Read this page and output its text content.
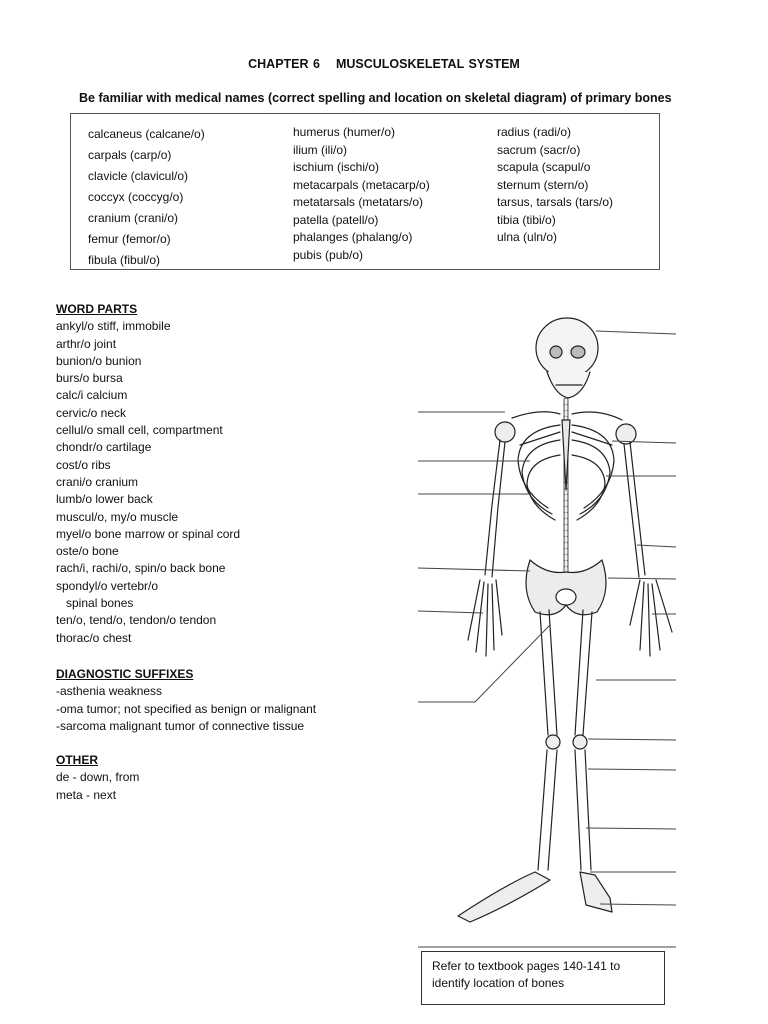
CHAPTER 6 MUSCULOSKELETAL SYSTEM
Be familiar with medical names (correct spelling and location on skeletal diagram) of primary bones
calcaneus (calcane/o)
carpals (carp/o)
clavicle (clavicul/o)
coccyx (coccyg/o)
cranium (crani/o)
femur (femor/o)
fibula (fibul/o)
humerus (humer/o)
ilium (ili/o)
ischium (ischi/o)
metacarpals (metacarp/o)
metatarsals (metatars/o)
patella (patell/o)
phalanges (phalang/o)
pubis (pub/o)
radius (radi/o)
sacrum (sacr/o)
scapula (scapul/o
sternum (stern/o)
tarsus, tarsals (tars/o)
tibia (tibi/o)
ulna (uln/o)
WORD PARTS
ankyl/o stiff, immobile
arthr/o joint
bunion/o bunion
burs/o bursa
calc/i calcium
cervic/o neck
cellul/o small cell, compartment
chondr/o cartilage
cost/o ribs
crani/o cranium
lumb/o lower back
muscul/o, my/o muscle
myel/o bone marrow or spinal cord
oste/o bone
rach/i, rachi/o, spin/o back bone
spondyl/o vertebr/o
spinal bones
ten/o, tend/o, tendon/o tendon
thorac/o chest
DIAGNOSTIC SUFFIXES
-asthenia weakness
-oma tumor; not specified as benign or malignant
-sarcoma malignant tumor of connective tissue
OTHER
de - down, from
meta - next
Refer to textbook pages 140-141 to identify location of bones
